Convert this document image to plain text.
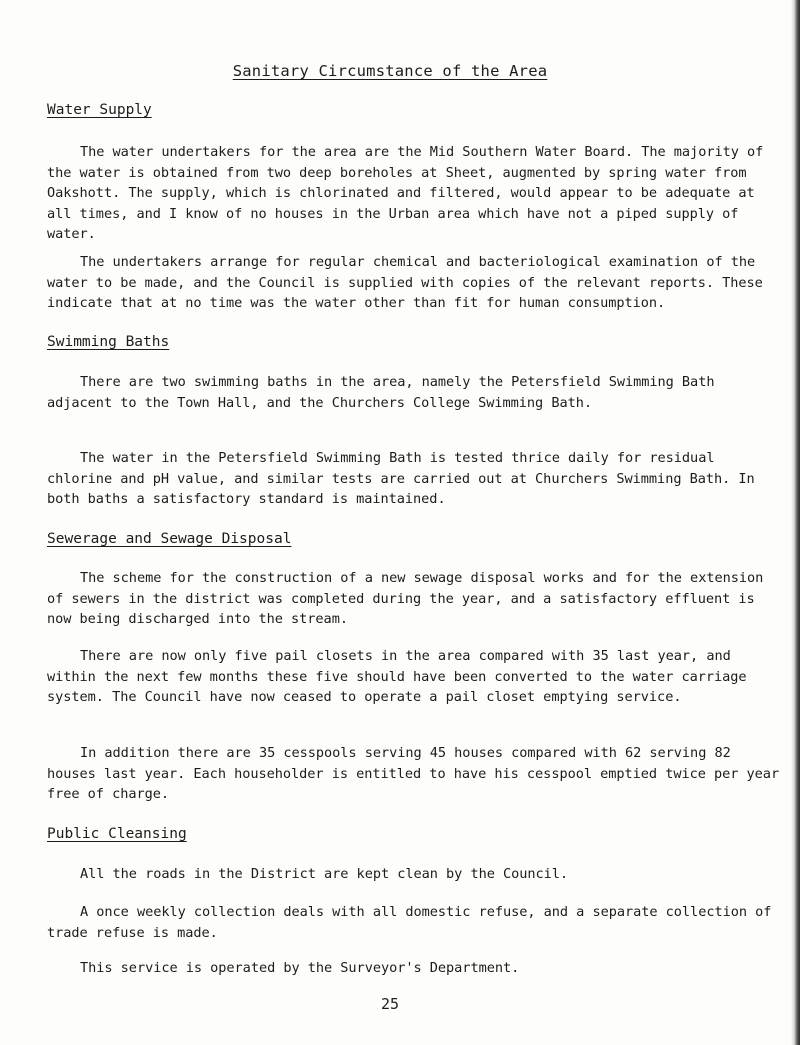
Sanitary Circumstance of the Area
Water Supply

The water undertakers for the area are the Mid Southern Water Board. The majority of the water is obtained from two deep boreholes at Sheet, augmented by spring water from Oakshott. The supply, which is chlorinated and filtered, would appear to be adequate at all times, and I know of no houses in the Urban area which have not a piped supply of water.

The undertakers arrange for regular chemical and bacteriological examination of the water to be made, and the Council is supplied with copies of the relevant reports. These indicate that at no time was the water other than fit for human consumption.

Swimming Baths

There are two swimming baths in the area, namely the Petersfield Swimming Bath adjacent to the Town Hall, and the Churchers College Swimming Bath.

The water in the Petersfield Swimming Bath is tested thrice daily for residual chlorine and pH value, and similar tests are carried out at Churchers Swimming Bath. In both baths a satisfactory standard is maintained.

Sewerage and Sewage Disposal

The scheme for the construction of a new sewage disposal works and for the extension of sewers in the district was completed during the year, and a satisfactory effluent is now being discharged into the stream.

There are now only five pail closets in the area compared with 35 last year, and within the next few months these five should have been converted to the water carriage system. The Council have now ceased to operate a pail closet emptying service.

In addition there are 35 cesspools serving 45 houses compared with 62 serving 82 houses last year. Each householder is entitled to have his cesspool emptied twice per year free of charge.

Public Cleansing

All the roads in the District are kept clean by the Council.

A once weekly collection deals with all domestic refuse, and a separate collection of trade refuse is made.

This service is operated by the Surveyor's Department.

25
